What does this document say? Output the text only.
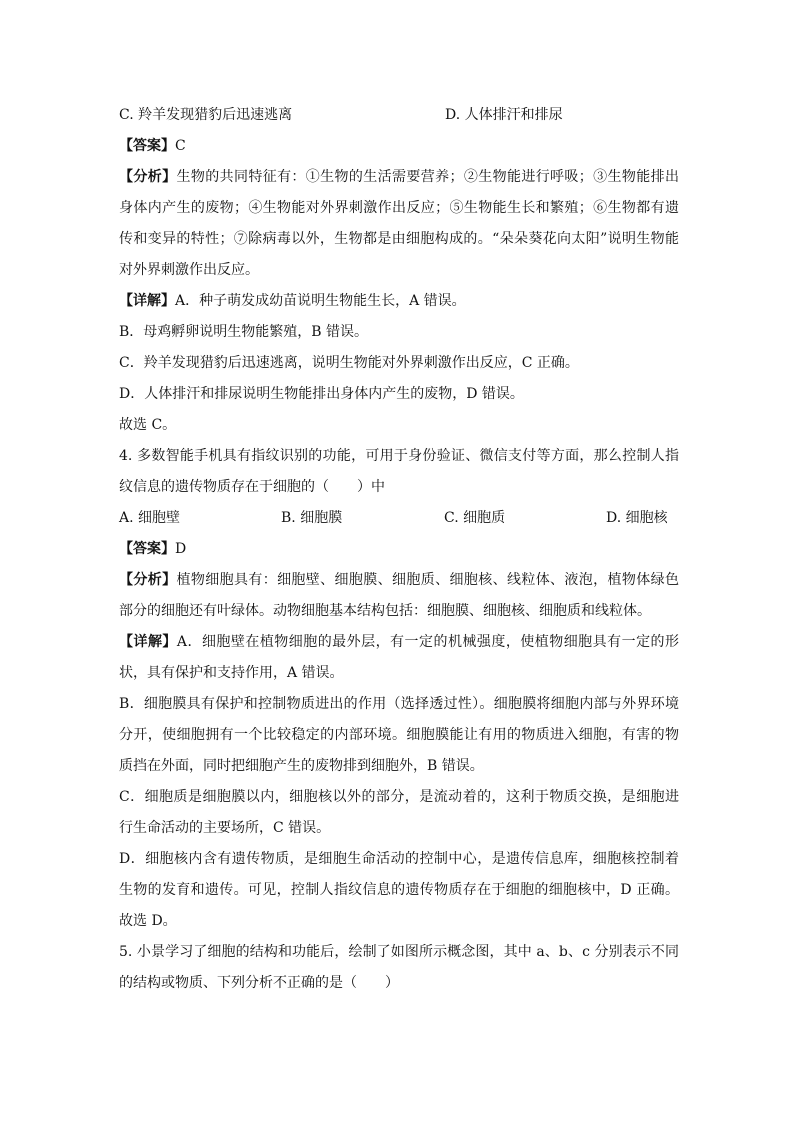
C. 羚羊发现猎豹后迅速逃离	D. 人体排汗和排尿
【答案】C
【分析】生物的共同特征有：①生物的生活需要营养；②生物能进行呼吸；③生物能排出
身体内产生的废物；④生物能对外界刺激作出反应；⑤生物能生长和繁殖；⑥生物都有遗
传和变异的特性；⑦除病毒以外，生物都是由细胞构成的。“朵朵葵花向太阳”说明生物能
对外界刺激作出反应。
【详解】A．种子萌发成幼苗说明生物能生长，A 错误。
B．母鸡孵卵说明生物能繁殖，B 错误。
C．羚羊发现猎豹后迅速逃离，说明生物能对外界刺激作出反应，C 正确。
D．人体排汗和排尿说明生物能排出身体内产生的废物，D 错误。
故选 C。
4. 多数智能手机具有指纹识别的功能，可用于身份验证、微信支付等方面，那么控制人指
纹信息的遗传物质存在于细胞的（　　）中
A. 细胞壁	B. 细胞膜	C. 细胞质	D. 细胞核
【答案】D
【分析】植物细胞具有：细胞壁、细胞膜、细胞质、细胞核、线粒体、液泡，植物体绿色
部分的细胞还有叶绿体。动物细胞基本结构包括：细胞膜、细胞核、细胞质和线粒体。
【详解】A．细胞壁在植物细胞的最外层，有一定的机械强度，使植物细胞具有一定的形
状，具有保护和支持作用，A 错误。
B．细胞膜具有保护和控制物质进出的作用（选择透过性）。细胞膜将细胞内部与外界环境
分开，使细胞拥有一个比较稳定的内部环境。细胞膜能让有用的物质进入细胞，有害的物
质挡在外面，同时把细胞产生的废物排到细胞外，B 错误。
C．细胞质是细胞膜以内，细胞核以外的部分，是流动着的，这利于物质交换，是细胞进
行生命活动的主要场所，C 错误。
D．细胞核内含有遗传物质，是细胞生命活动的控制中心，是遗传信息库，细胞核控制着
生物的发育和遗传。可见，控制人指纹信息的遗传物质存在于细胞的细胞核中，D 正确。
故选 D。
5. 小景学习了细胞的结构和功能后，绘制了如图所示概念图，其中 a、b、c 分别表示不同
的结构或物质、下列分析不正确的是（　　）
